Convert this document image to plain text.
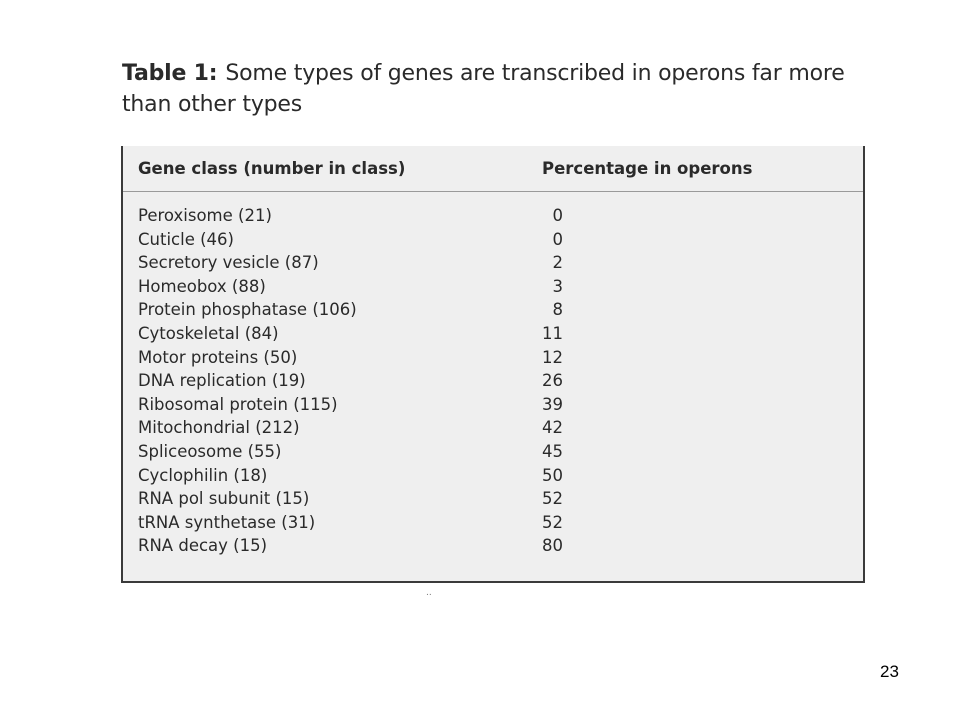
Table 1: Some types of genes are transcribed in operons far more than other types
Gene class (number in class)	Percentage in operons
Peroxisome (21)	0
Cuticle (46)	0
Secretory vesicle (87)	2
Homeobox (88)	3
Protein phosphatase (106)	8
Cytoskeletal (84)	11
Motor proteins (50)	12
DNA replication (19)	26
Ribosomal protein (115)	39
Mitochondrial (212)	42
Spliceosome (55)	45
Cyclophilin (18)	50
RNA pol subunit (15)	52
tRNA synthetase (31)	52
RNA decay (15)	80
..
23
